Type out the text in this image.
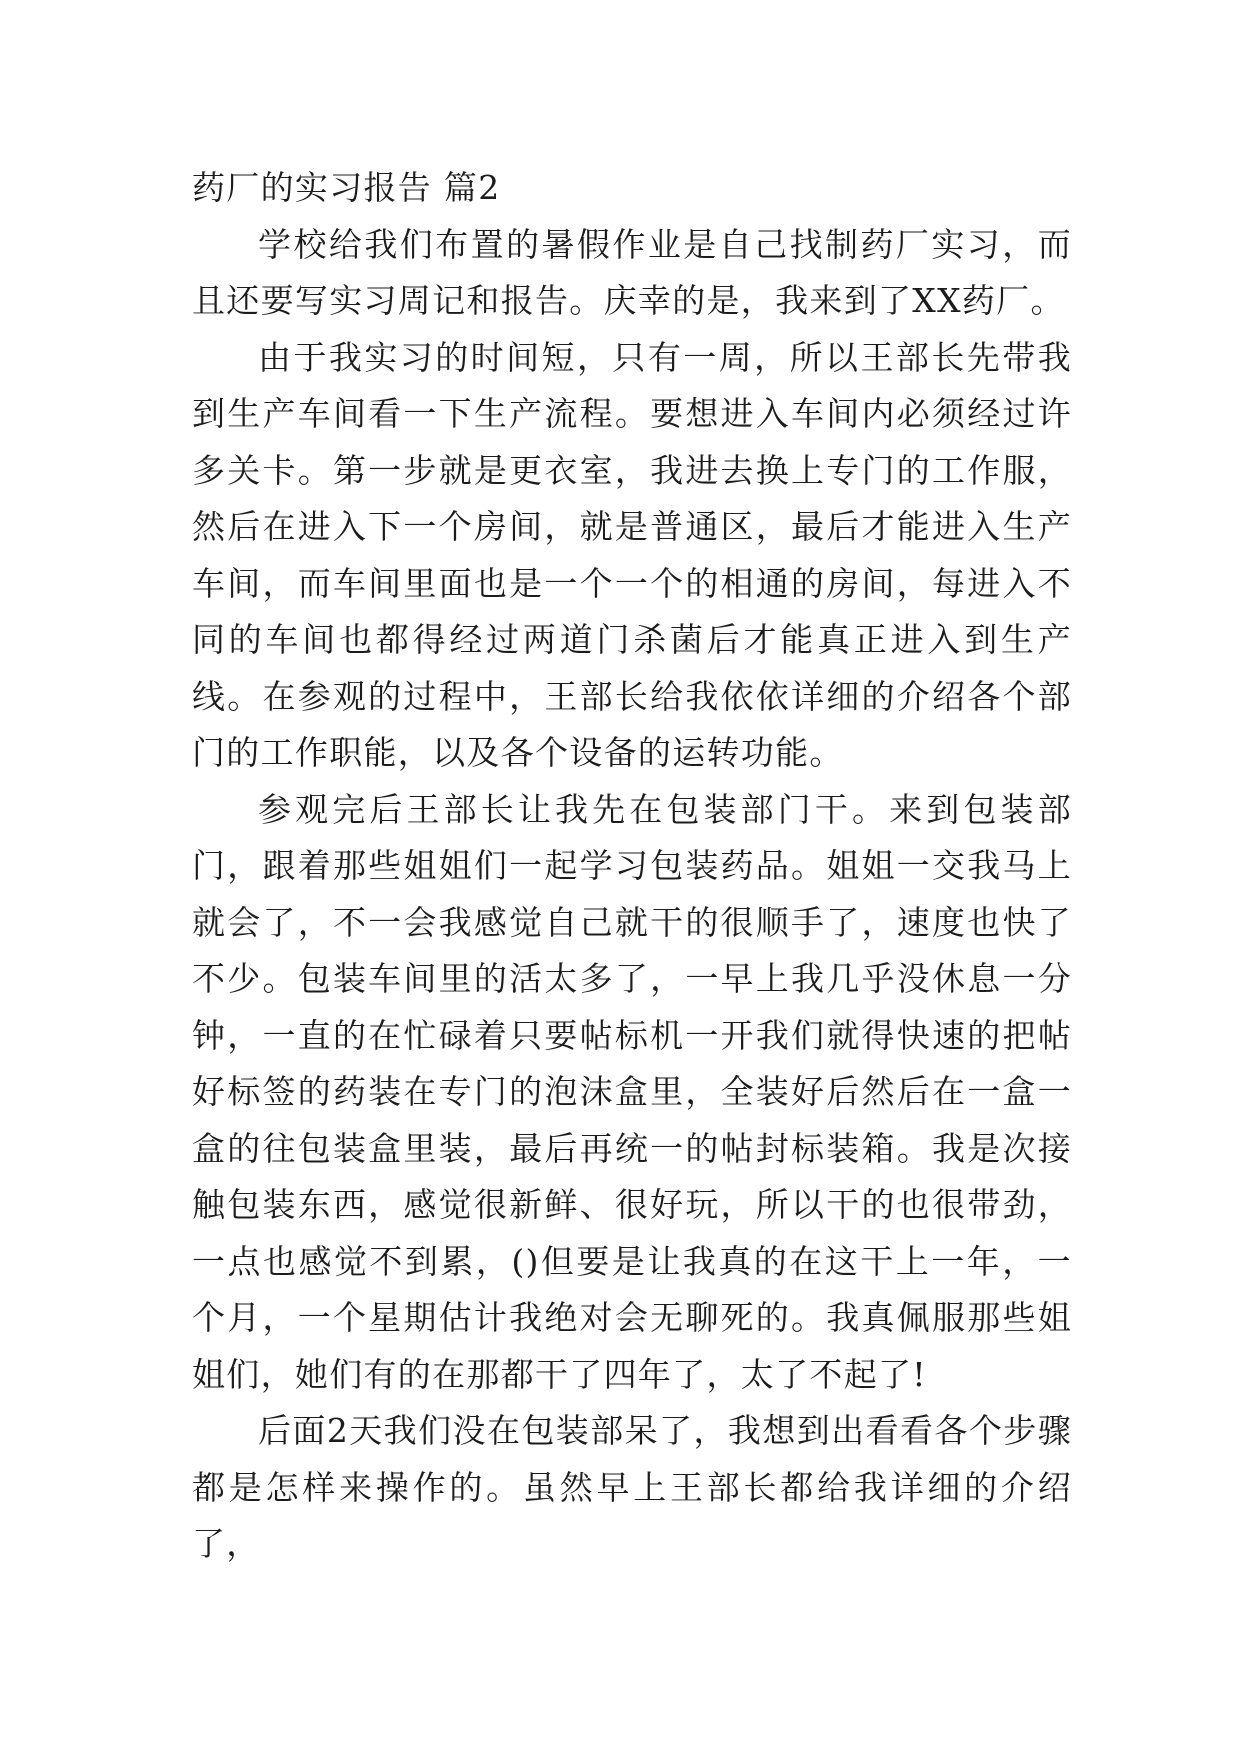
药厂的实习报告 篇2

学校给我们布置的暑假作业是自己找制药厂实习，而且还要写实习周记和报告。庆幸的是，我来到了XX药厂。

由于我实习的时间短，只有一周，所以王部长先带我到生产车间看一下生产流程。要想进入车间内必须经过许多关卡。第一步就是更衣室，我进去换上专门的工作服，然后在进入下一个房间，就是普通区，最后才能进入生产车间，而车间里面也是一个一个的相通的房间，每进入不同的车间也都得经过两道门杀菌后才能真正进入到生产线。在参观的过程中，王部长给我依依详细的介绍各个部门的工作职能，以及各个设备的运转功能。

参观完后王部长让我先在包装部门干。来到包装部门，跟着那些姐姐们一起学习包装药品。姐姐一交我马上就会了，不一会我感觉自己就干的很顺手了，速度也快了不少。包装车间里的活太多了，一早上我几乎没休息一分钟，一直的在忙碌着只要帖标机一开我们就得快速的把帖好标签的药装在专门的泡沫盒里，全装好后然后在一盒一盒的往包装盒里装，最后再统一的帖封标装箱。我是次接触包装东西，感觉很新鲜、很好玩，所以干的也很带劲，一点也感觉不到累，()但要是让我真的在这干上一年，一个月，一个星期估计我绝对会无聊死的。我真佩服那些姐姐们，她们有的在那都干了四年了，太了不起了!

后面2天我们没在包装部呆了，我想到出看看各个步骤都是怎样来操作的。虽然早上王部长都给我详细的介绍了，
